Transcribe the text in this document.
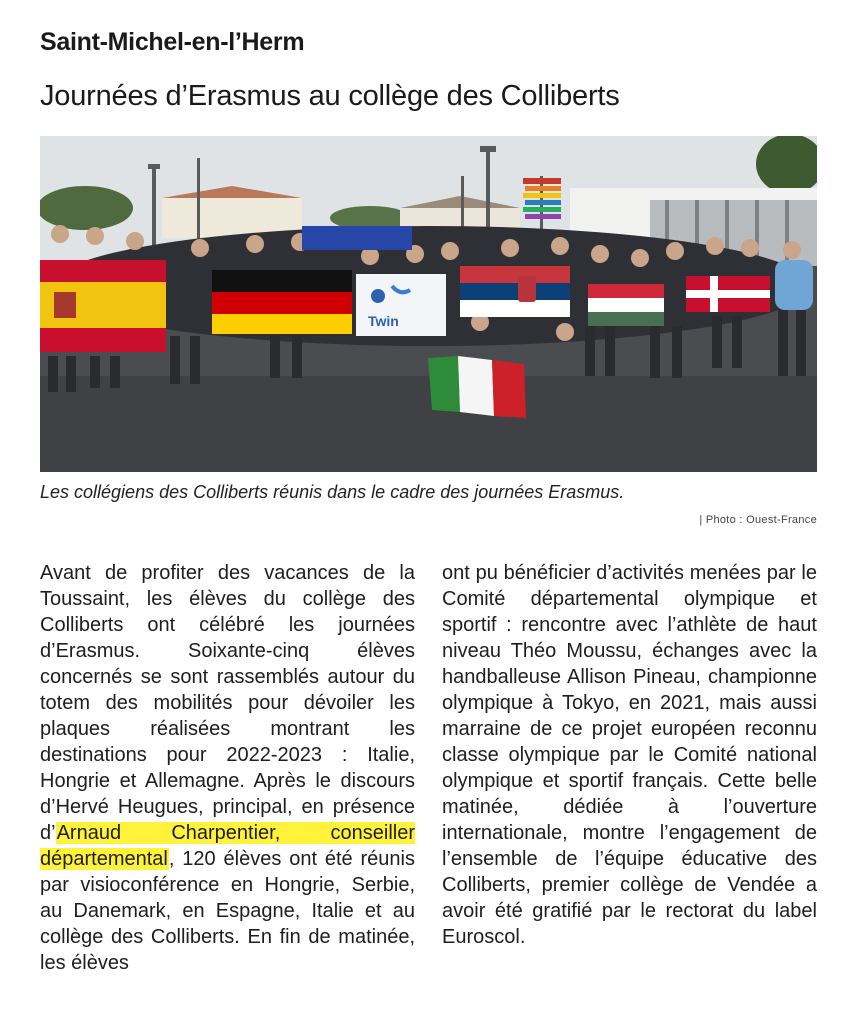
Saint-Michel-en-l’Herm
Journées d’Erasmus au collège des Colliberts
Twin
Les collégiens des Colliberts réunis dans le cadre des journées Erasmus.
| Photo : Ouest-France

Avant de profiter des vacances de la Toussaint, les élèves du collège des Colliberts ont célébré les journées d’Erasmus. Soixante-cinq élèves concernés se sont rassemblés autour du totem des mobilités pour dévoiler les plaques réalisées montrant les destinations pour 2022-2023 : Italie, Hongrie et Allemagne. Après le discours d’Hervé Heugues, principal, en présence d’Arnaud Charpentier, conseiller départemental, 120 élèves ont été réunis par visioconférence en Hongrie, Serbie, au Danemark, en Espagne, Italie et au collège des Colliberts. En fin de matinée, les élèves

ont pu bénéficier d’activités menées par le Comité départemental olympique et sportif : rencontre avec l’athlète de haut niveau Théo Moussu, échanges avec la handballeuse Allison Pineau, championne olympique à Tokyo, en 2021, mais aussi marraine de ce projet européen reconnu classe olympique par le Comité national olympique et sportif français. Cette belle matinée, dédiée à l’ouverture internationale, montre l’engagement de l’ensemble de l’équipe éducative des Colliberts, premier collège de Vendée a avoir été gratifié par le rectorat du label Euroscol.
